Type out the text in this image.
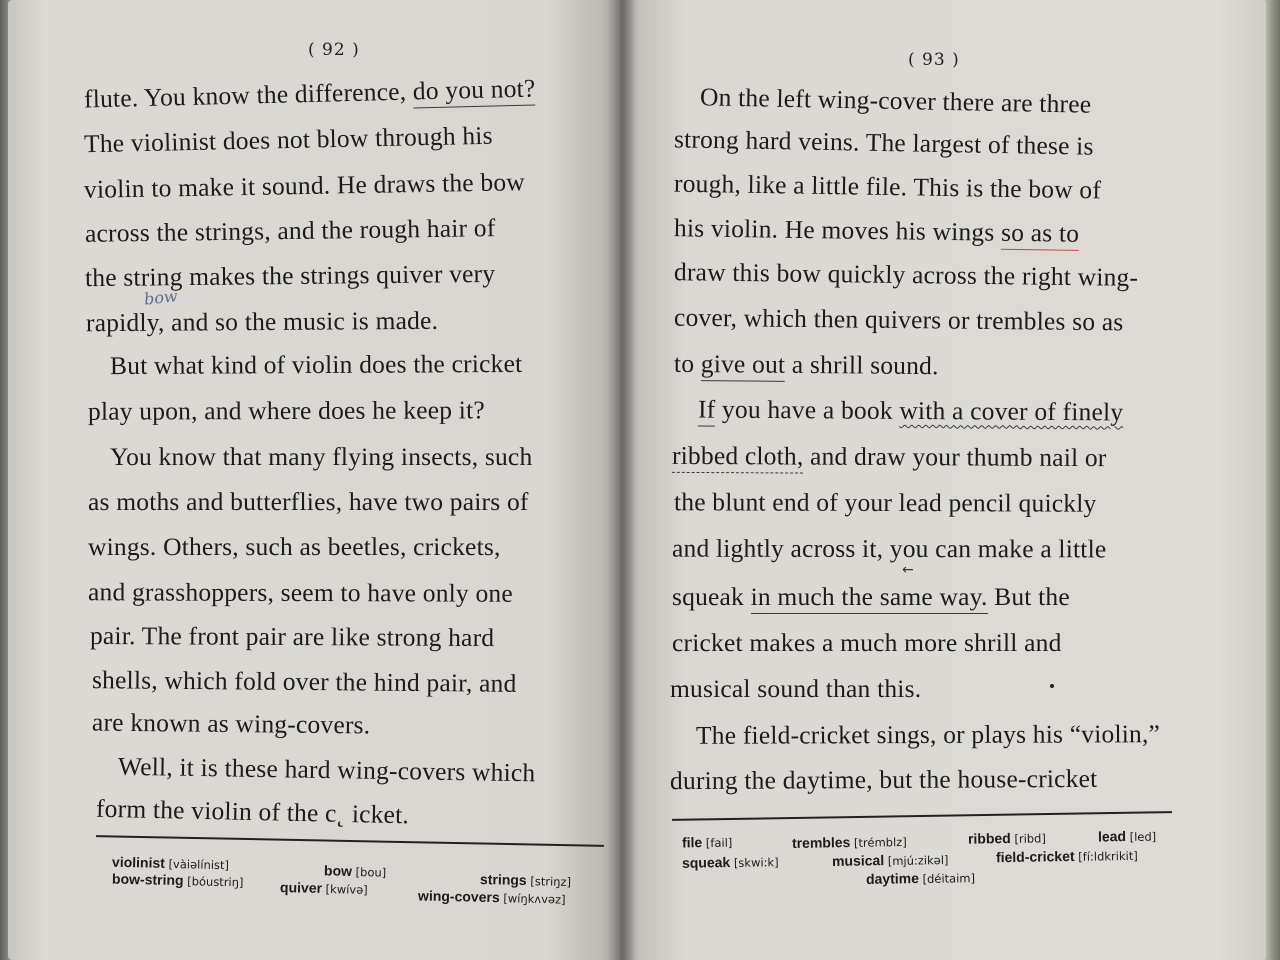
( 92 )
flute. You know the difference, do you not?
The violinist does not blow through his
violin to make it sound. He draws the bow
across the strings, and the rough hair of
the string makes the strings quiver very
bow
rapidly, and so the music is made.
But what kind of violin does the cricket
play upon, and where does he keep it?
You know that many flying insects, such
as moths and butterflies, have two pairs of
wings. Others, such as beetles, crickets,
and grasshoppers, seem to have only one
pair. The front pair are like strong hard
shells, which fold over the hind pair, and
are known as wing-covers.
Well, it is these hard wing-covers which
form the violin of the c˛ icket.
violinist [vàiəlínist]
bow-string [bóustriŋ]
bow [bou]
quiver [kwívə]
strings [striŋz]
wing-covers [wíŋkʌvəz]
( 93 )
On the left wing-cover there are three
strong hard veins. The largest of these is
rough, like a little file. This is the bow of
his violin. He moves his wings so as to
draw this bow quickly across the right wing-
cover, which then quivers or trembles so as
to give out a shrill sound.
If you have a book with a cover of finely
ribbed cloth, and draw your thumb nail or
the blunt end of your lead pencil quickly
and lightly across it, you can make a little
←
squeak in much the same way. But the
cricket makes a much more shrill and
musical sound than this.
The field-cricket sings, or plays his “violin,”
during the daytime, but the house-cricket
file [fail]	trembles [trémblz]	ribbed [ribd]	lead [led]
squeak [skwi:k]	musical [mjú:zikəl]	field-cricket [fí:ldkrikit]
daytime [déitaim]
